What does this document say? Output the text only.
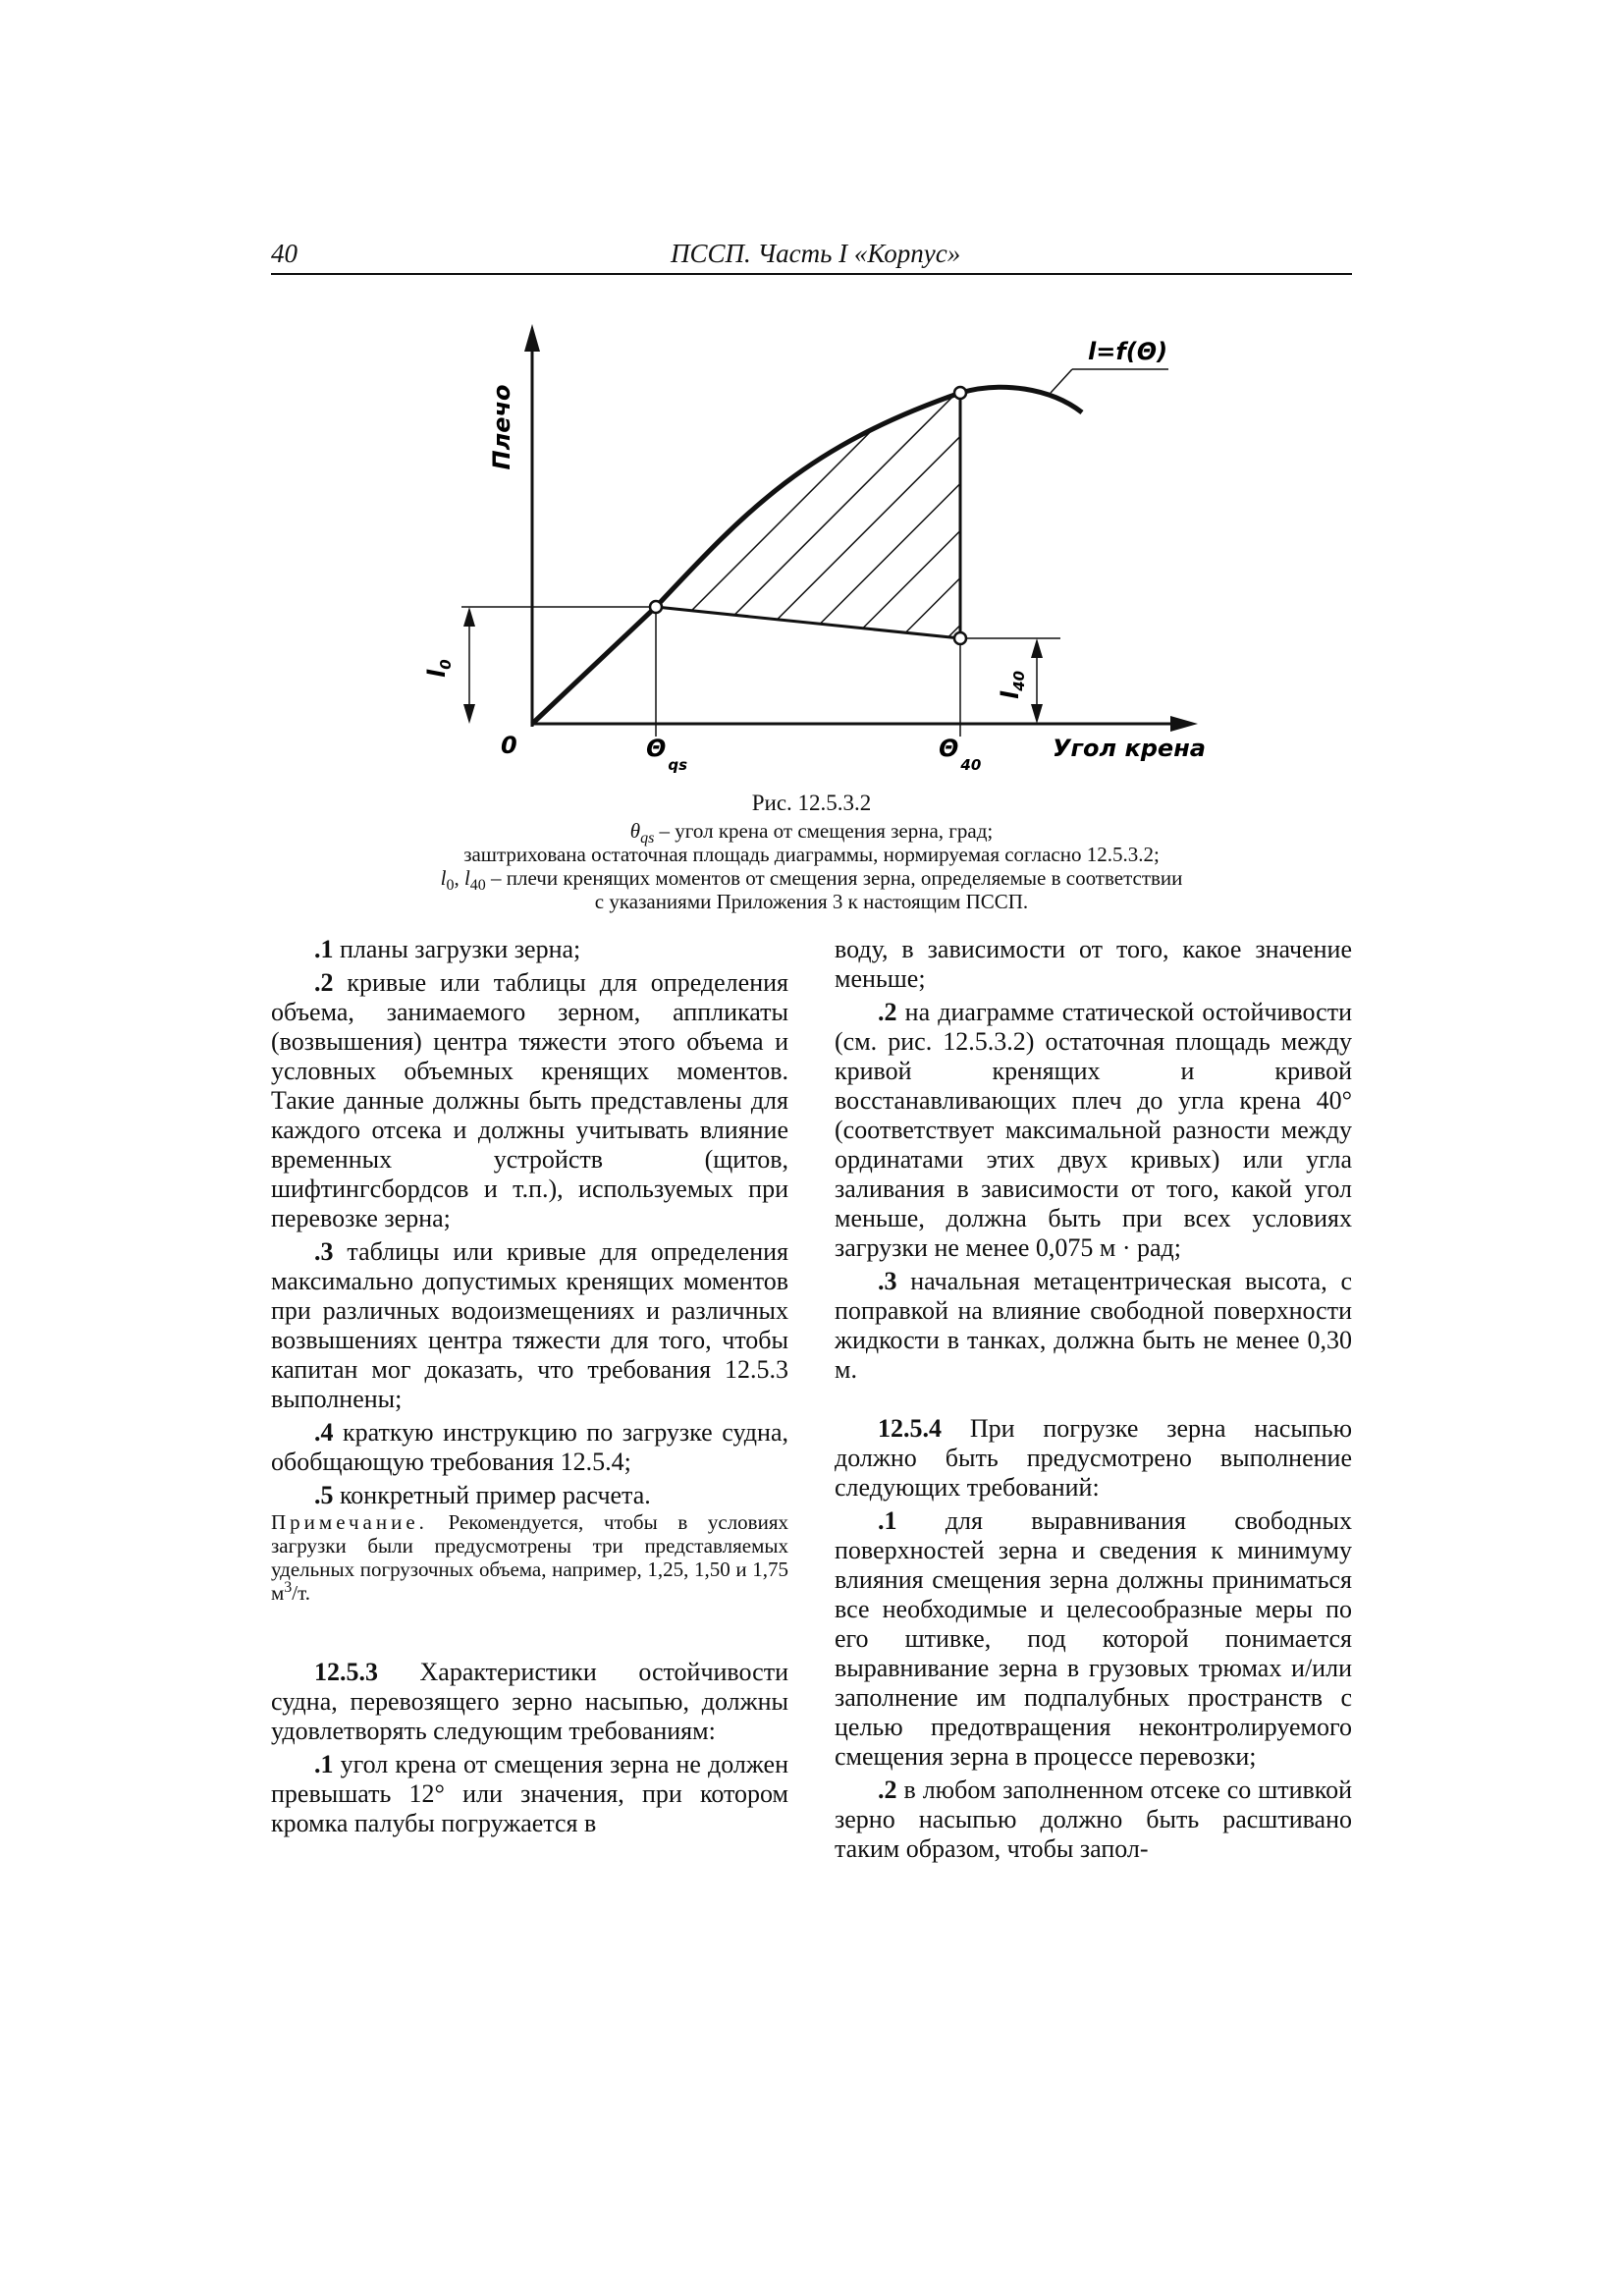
40	ПССП. Часть I «Корпус»
Плечо
Угол крена
0
l=f(Θ)
$\Theta_{qs}$
$\Theta_{40}$
$l_0$
$l_{40}$
Рис. 12.5.3.2
$\theta_{qs}$ – угол крена от смещения зерна, град;
заштрихована остаточная площадь диаграммы, нормируемая согласно 12.5.3.2;
$l_0$, $l_{40}$ – плечи кренящих моментов от смещения зерна, определяемые в соответствии
с указаниями Приложения 3 к настоящим ПССП.

.1 планы загрузки зерна;

.2 кривые или таблицы для определения объема, занимаемого зерном, аппликаты (возвышения) центра тяжести этого объема и условных объемных кренящих моментов. Такие данные должны быть представлены для каждого отсека и должны учитывать влияние временных устройств (щитов, шифтингсбордсов и т.п.), используемых при перевозке зерна;

.3 таблицы или кривые для определения максимально допустимых кренящих моментов при различных водоизмещениях и различных возвышениях центра тяжести для того, чтобы капитан мог доказать, что требования 12.5.3 выполнены;

.4 краткую инструкцию по загрузке судна, обобщающую требования 12.5.4;

.5 конкретный пример расчета.

Примечание. Рекомендуется, чтобы в условиях загрузки были предусмотрены три представляемых удельных погрузочных объема, например, 1,25, 1,50 и 1,75 $м^3/т$.

12.5.3 Характеристики остойчивости судна, перевозящего зерно насыпью, должны удовлетворять следующим требованиям:

.1 угол крена от смещения зерна не должен превышать 12° или значения, при котором кромка палубы погружается в

воду, в зависимости от того, какое значение меньше;

.2 на диаграмме статической остойчивости (см. рис. 12.5.3.2) остаточная площадь между кривой кренящих и кривой восстанавливающих плеч до угла крена 40° (соответствует максимальной разности между ординатами этих двух кривых) или угла заливания в зависимости от того, какой угол меньше, должна быть при всех условиях загрузки не менее 0,075 м · рад;

.3 начальная метацентрическая высота, с поправкой на влияние свободной поверхности жидкости в танках, должна быть не менее 0,30 м.

12.5.4 При погрузке зерна насыпью должно быть предусмотрено выполнение следующих требований:

.1 для выравнивания свободных поверхностей зерна и сведения к минимуму влияния смещения зерна должны приниматься все необходимые и целесообразные меры по его штивке, под которой понимается выравнивание зерна в грузовых трюмах и/или заполнение им подпалубных пространств с целью предотвращения неконтролируемого смещения зерна в процессе перевозки;

.2 в любом заполненном отсеке со штивкой зерно насыпью должно быть расштивано таким образом, чтобы запол-
